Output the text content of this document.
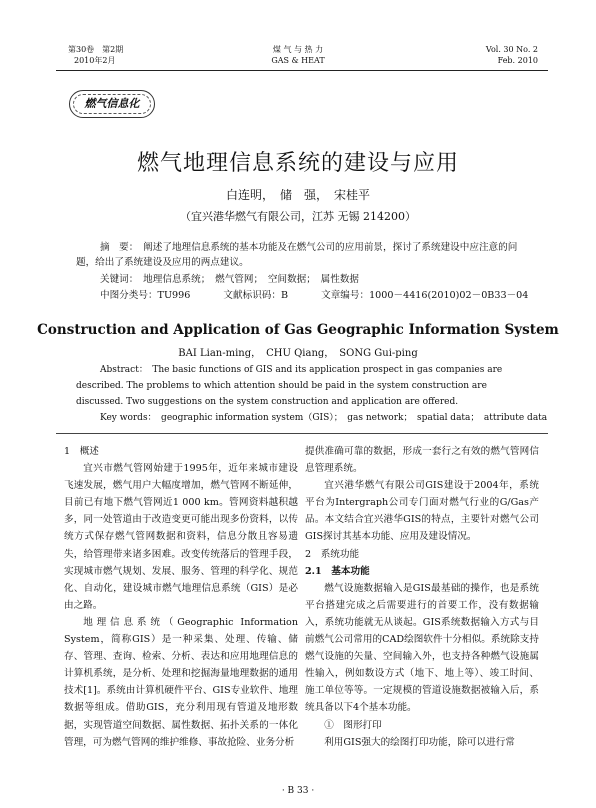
第30卷　第2期
2010年2月
煤 气 与 热 力
GAS & HEAT
Vol. 30 No. 2
Feb. 2010
燃气信息化
燃气地理信息系统的建设与应用
白连明，　储　强，　宋桂平
（宜兴港华燃气有限公司，江苏 无锡 214200）
摘　要：　阐述了地理信息系统的基本功能及在燃气公司的应用前景，探讨了系统建设中应注意的问题，给出了系统建设及应用的两点建议。
关键词：　地理信息系统；　燃气管网；　空间数据；　属性数据
中图分类号：TU996	文献标识码：B	文章编号：1000－4416(2010)02－0B33－04
Construction and Application of Gas Geographic Information System
BAI Lian-ming，　CHU Qiang，　SONG Gui-ping
Abstract：　The basic functions of GIS and its application prospect in gas companies are described. The problems to which attention should be paid in the system construction are discussed. Two suggestions on the system construction and application are offered.
Key words：　geographic information system（GIS）；　gas network；　spatial data；　attribute data

1　概述

宜兴市燃气管网始建于1995年，近年来城市建设飞速发展，燃气用户大幅度增加，燃气管网不断延伸，目前已有地下燃气管网近1 000 km。管网资料越积越多，同一处管道由于改造变更可能出现多份资料，以传统方式保存燃气管网数据和资料，信息分散且容易遗失，给管理带来诸多困难。改变传统落后的管理手段，实现城市燃气规划、发展、服务、管理的科学化、规范化、自动化，建设城市燃气地理信息系统（GIS）是必由之路。

地理信息系统（Geographic Information System，简称GIS）是一种采集、处理、传输、储存、管理、查询、检索、分析、表达和应用地理信息的计算机系统，是分析、处理和挖掘海量地理数据的通用技术[1]。系统由计算机硬件平台、GIS专业软件、地理数据等组成。借助GIS，充分利用现有管道及地形数据，实现管道空间数据、属性数据、拓扑关系的一体化管理，可为燃气管网的维护维修、事故抢险、业务分析

提供准确可靠的数据，形成一套行之有效的燃气管网信息管理系统。

宜兴港华燃气有限公司GIS建设于2004年，系统平台为Intergraph公司专门面对燃气行业的G/Gas产品。本文结合宜兴港华GIS的特点，主要针对燃气公司GIS探讨其基本功能、应用及建设情况。

2　系统功能

2.1　基本功能

燃气设施数据输入是GIS最基础的操作，也是系统平台搭建完成之后需要进行的首要工作，没有数据输入，系统功能就无从谈起。GIS系统数据输入方式与目前燃气公司常用的CAD绘图软件十分相似。系统除支持燃气设施的矢量、空间输入外，也支持各种燃气设施属性输入，例如数设方式（地下、地上等）、竣工时间、施工单位等等。一定规模的管道设施数据被输入后，系统具备以下4个基本功能。

①　图形打印

利用GIS强大的绘图打印功能，除可以进行常

· B 33 ·
